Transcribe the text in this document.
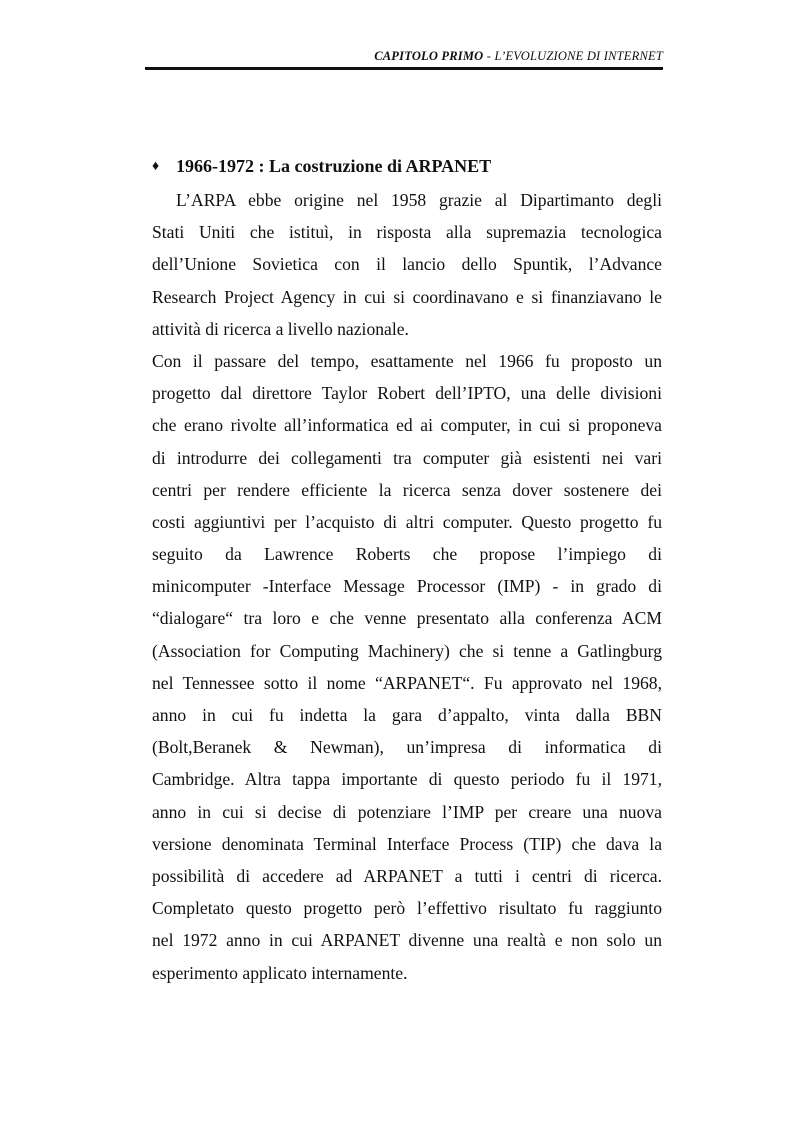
CAPITOLO PRIMO - L’EVOLUZIONE DI INTERNET
♦ 1966-1972 : La costruzione di ARPANET
L’ARPA ebbe origine nel 1958 grazie al Dipartimanto degli
Stati Uniti che istituì, in risposta alla supremazia tecnologica
dell’Unione Sovietica con il lancio dello Spuntik, l’Advance
Research Project Agency in cui si coordinavano e si finanziavano le
attività di ricerca a livello nazionale.
Con il passare del tempo, esattamente nel 1966 fu proposto un
progetto dal direttore Taylor Robert dell’IPTO, una delle divisioni
che erano rivolte all’informatica ed ai computer, in cui si proponeva
di introdurre dei collegamenti tra computer già esistenti nei vari
centri per rendere efficiente la ricerca senza dover sostenere dei
costi aggiuntivi per l’acquisto di altri computer. Questo progetto fu
seguito da Lawrence Roberts che propose l’impiego di
minicomputer -Interface Message Processor (IMP) - in grado di
“dialogare“ tra loro e che venne presentato alla conferenza ACM
(Association for Computing Machinery) che si tenne a Gatlingburg
nel Tennessee sotto il nome “ARPANET“. Fu approvato nel 1968,
anno in cui fu indetta la gara d’appalto, vinta dalla BBN
(Bolt,Beranek & Newman), un’impresa di informatica di
Cambridge. Altra tappa importante di questo periodo fu il 1971,
anno in cui si decise di potenziare l’IMP per creare una nuova
versione denominata Terminal Interface Process (TIP) che dava la
possibilità di accedere ad ARPANET a tutti i centri di ricerca.
Completato questo progetto però l’effettivo risultato fu raggiunto
nel 1972 anno in cui ARPANET divenne una realtà e non solo un
esperimento applicato internamente.
